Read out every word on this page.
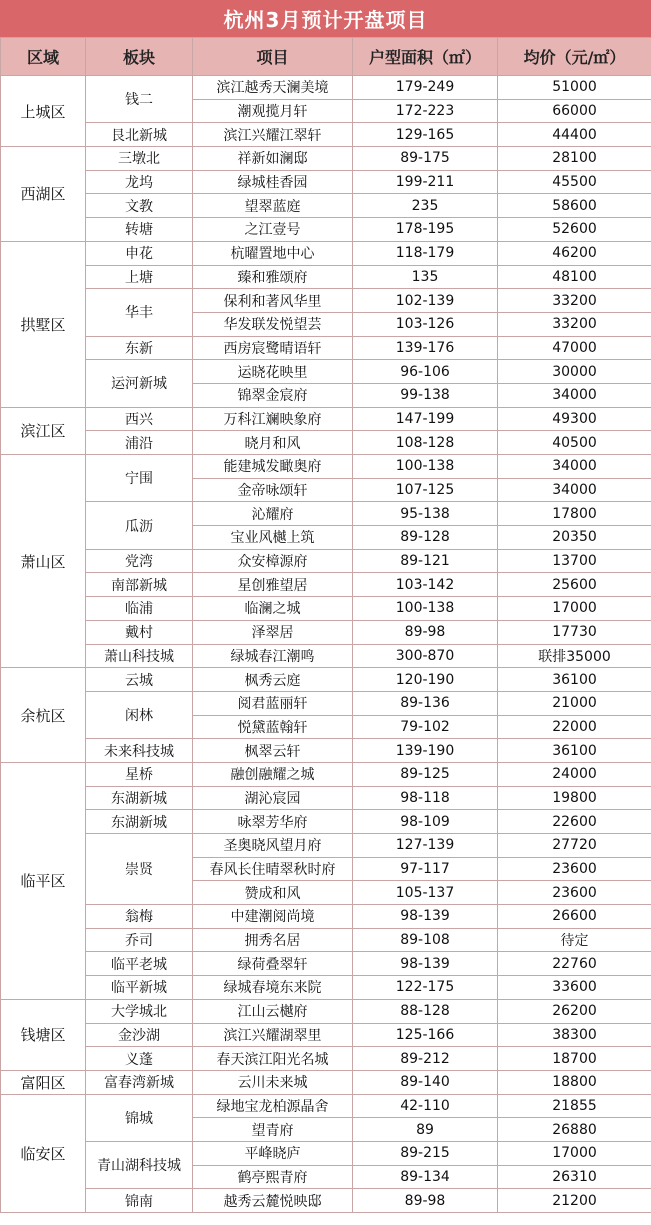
杭州3月预计开盘项目
区域	板块	项目	户型面积（㎡）	均价（元/㎡）
上城区	钱二	滨江越秀天澜美境	179-249	51000
		潮观揽月轩	172-223	66000
	艮北新城	滨江兴耀江翠轩	129-165	44400
西湖区	三墩北	祥新如澜邸	89-175	28100
	龙坞	绿城桂香园	199-211	45500
	文教	望翠蓝庭	235	58600
	转塘	之江壹号	178-195	52600
拱墅区	申花	杭曜置地中心	118-179	46200
	上塘	臻和雅颂府	135	48100
	华丰	保利和著风华里	102-139	33200
		华发联发悦望芸	103-126	33200
	东新	西房宸鹭晴语轩	139-176	47000
	运河新城	运晓花映里	96-106	30000
		锦翠金宸府	99-138	34000
滨江区	西兴	万科江斓映象府	147-199	49300
	浦沿	晓月和风	108-128	40500
萧山区	宁围	能建城发瞰奥府	100-138	34000
		金帝咏颂轩	107-125	34000
	瓜沥	沁耀府	95-138	17800
		宝业风樾上筑	89-128	20350
	党湾	众安樟源府	89-121	13700
	南部新城	星创雅望居	103-142	25600
	临浦	临澜之城	100-138	17000
	戴村	泽翠居	89-98	17730
	萧山科技城	绿城春江潮鸣	300-870	联排35000
余杭区	云城	枫秀云庭	120-190	36100
	闲林	阅君蓝丽轩	89-136	21000
		悦黛蓝翰轩	79-102	22000
	未来科技城	枫翠云轩	139-190	36100
临平区	星桥	融创融耀之城	89-125	24000
	东湖新城	湖沁宸园	98-118	19800
	东湖新城	咏翠芳华府	98-109	22600
	崇贤	圣奥晓风望月府	127-139	27720
		春风长住晴翠秋时府	97-117	23600
		赞成和风	105-137	23600
	翁梅	中建潮阅尚境	98-139	26600
	乔司	拥秀名居	89-108	待定
	临平老城	绿荷叠翠轩	98-139	22760
	临平新城	绿城春境东来院	122-175	33600
钱塘区	大学城北	江山云樾府	88-128	26200
	金沙湖	滨江兴耀湖翠里	125-166	38300
	义蓬	春天滨江阳光名城	89-212	18700
富阳区	富春湾新城	云川未来城	89-140	18800
临安区	锦城	绿地宝龙柏源晶舍	42-110	21855
		望青府	89	26880
	青山湖科技城	平峰晓庐	89-215	17000
		鹤亭熙青府	89-134	26310
	锦南	越秀云麓悦映邸	89-98	21200
